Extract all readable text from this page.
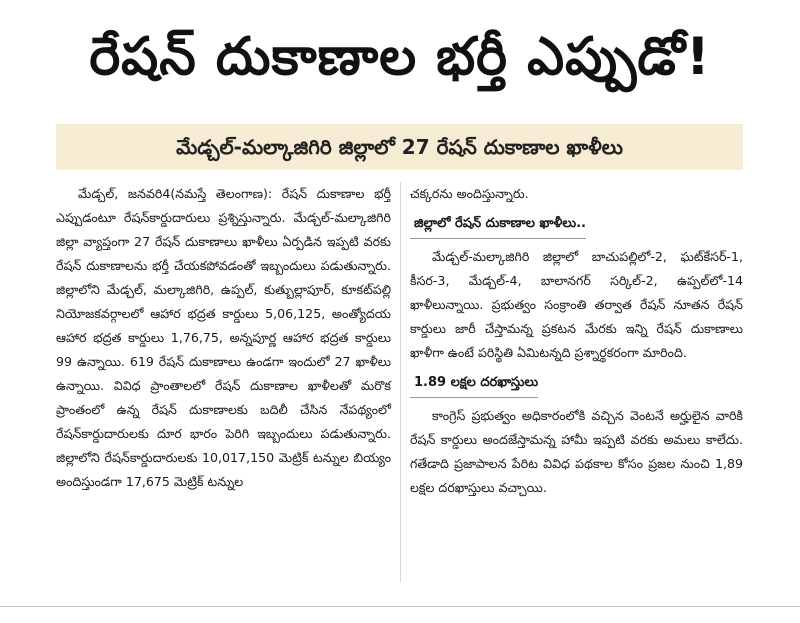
రేషన్‌ దుకాణాల భర్తీ ఎప్పుడో!
మేడ్చల్‌-మల్కాజిగిరి జిల్లాలో 27 రేషన్‌ దుకాణాల ఖాళీలు

మేడ్చల్‌, జనవరి4(నమస్తే తెలంగాణ): రేషన్‌ దుకాణాల భర్తీ ఎప్పుడంటూ రేషన్‌కార్డుదారులు ప్రశ్నిస్తున్నారు. మేడ్చల్‌-మల్కాజిగిరి జిల్లా వ్యాప్తంగా 27 రేషన్‌ దుకాణాలు ఖాళీలు ఏర్పడిన ఇప్పటి వరకు రేషన్‌ దుకాణాలను భర్తీ చేయకపోవడంతో ఇబ్బందులు పడుతున్నారు. జిల్లాలోని మేడ్చల్‌, మల్కాజిగిరి, ఉప్పల్‌, కుత్బుల్లాపూర్‌, కూకట్‌పల్లి నియోజకవర్గాలలో ఆహార భద్రత కార్డులు 5,06,125, అంత్యోదయ ఆహార భద్రత కార్డులు 1,76,75, అన్నపూర్ణ ఆహార భద్రత కార్డులు 99 ఉన్నాయి. 619 రేషన్‌ దుకాణాలు ఉండగా ఇందులో 27 ఖాళీలు ఉన్నాయి. వివిధ ప్రాంతాలలో రేషన్‌ దుకాణాల ఖాళీలతో మరొక ప్రాంతంలో ఉన్న రేషన్‌ దుకాణాలకు బదిలీ చేసిన నేపథ్యంలో రేషన్‌కార్డుదారులకు దూర భారం పెరిగి ఇబ్బందులు పడుతున్నారు. జిల్లాలోని రేషన్‌కార్డుదారులకు 10,017,150 మెట్రిక్‌ టన్నుల బియ్యం అందిస్తుండగా 17,675 మెట్రిక్‌ టన్నుల

చక్కరను అందిస్తున్నారు.

జిల్లాలో రేషన్‌ దుకాణాల ఖాళీలు..

మేడ్చల్‌-మల్కాజిగిరి జిల్లాలో బాచుపల్లిలో-2, ఘట్‌కేసర్‌-1, కీసర-3, మేడ్చల్‌-4, బాలానగర్‌ సర్కిల్‌-2, ఉప్పల్‌లో-14 ఖాళీలున్నాయి. ప్రభుత్వం సంక్రాంతి తర్వాత రేషన్‌ నూతన రేషన్‌ కార్డులు జారీ చేస్తామన్న ప్రకటన మేరకు ఇన్ని రేషన్‌ దుకాణాలు ఖాళీగా ఉంటే పరిస్థితి ఏమిటన్నది ప్రశ్నార్థకరంగా మారింది.

1.89 లక్షల దరఖాస్తులు

కాంగ్రెస్‌ ప్రభుత్వం అధికారంలోకి వచ్చిన వెంటనే అర్హులైన వారికి రేషన్‌ కార్డులు అందజేస్తామన్న హామీ ఇప్పటి వరకు అమలు కాలేదు. గతేడాది ప్రజాపాలన పేరిట వివిధ పథకాల కోసం ప్రజల నుంచి 1,89 లక్షల దరఖాస్తులు వచ్చాయి.
